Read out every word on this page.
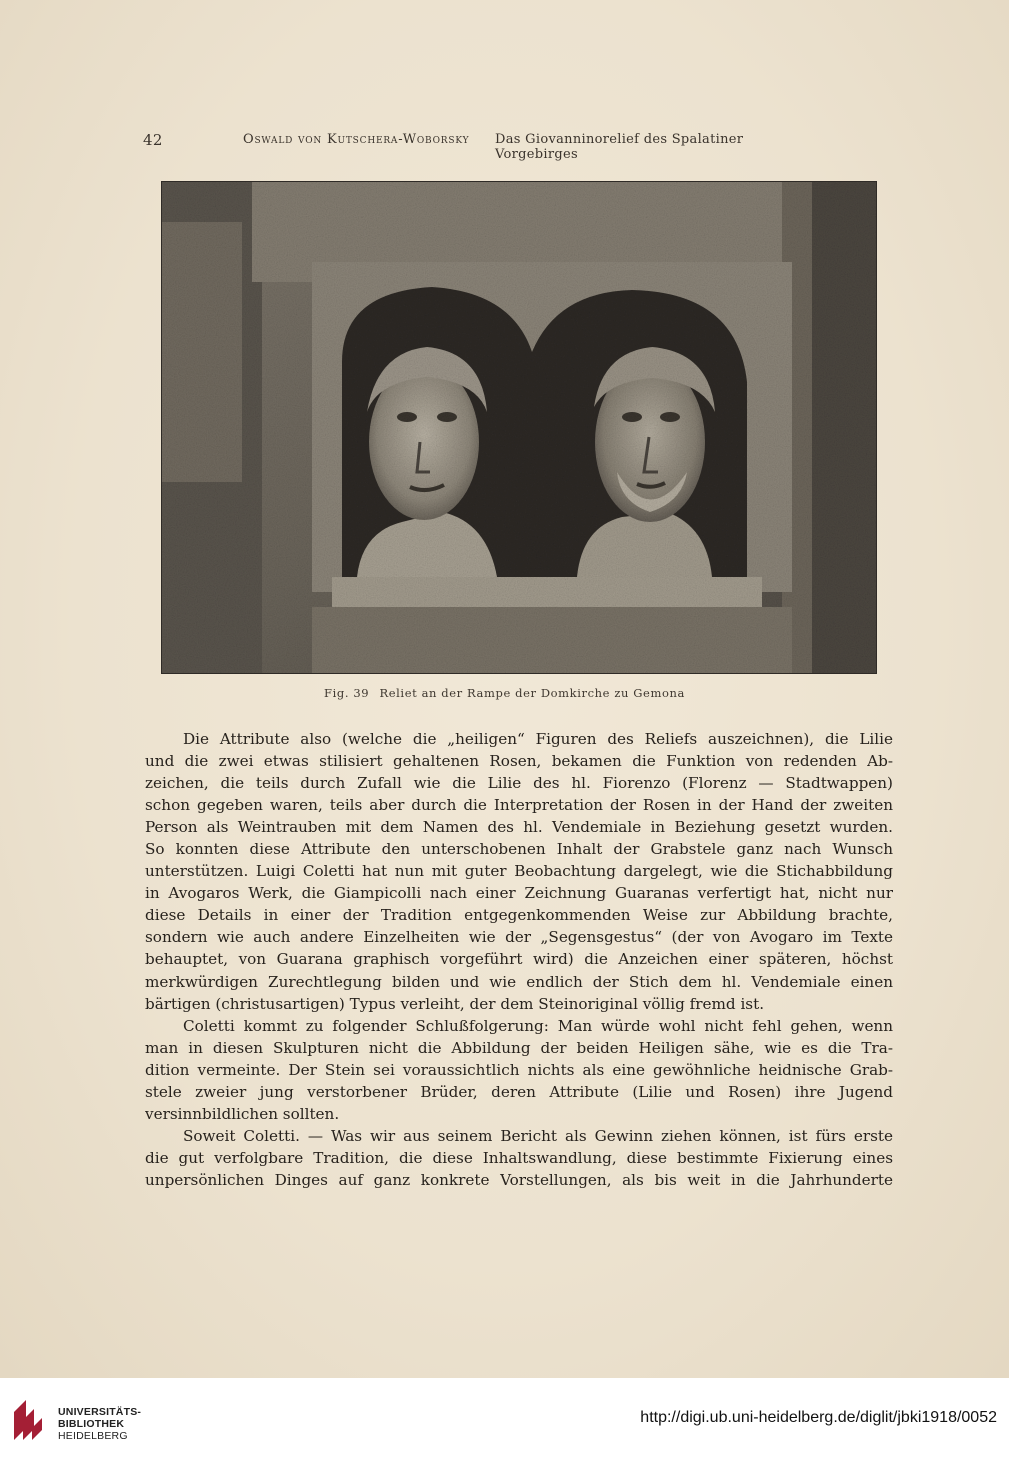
42	Oswald von Kutschera-Woborsky Das Giovanninorelief des Spalatiner Vorgebirges
Fig. 39 Reliet an der Rampe der Domkirche zu Gemona
Die Attribute also (welche die „heiligen“ Figuren des Reliefs auszeichnen), die Lilie
und die zwei etwas stilisiert gehaltenen Rosen, bekamen die Funktion von redenden Ab-
zeichen, die teils durch Zufall wie die Lilie des hl. Fiorenzo (Florenz — Stadtwappen)
schon gegeben waren, teils aber durch die Interpretation der Rosen in der Hand der zweiten
Person als Weintrauben mit dem Namen des hl. Vendemiale in Beziehung gesetzt wurden.
So konnten diese Attribute den unterschobenen Inhalt der Grabstele ganz nach Wunsch
unterstützen. Luigi Coletti hat nun mit guter Beobachtung dargelegt, wie die Stichabbildung
in Avogaros Werk, die Giampicolli nach einer Zeichnung Guaranas verfertigt hat, nicht nur
diese Details in einer der Tradition entgegenkommenden Weise zur Abbildung brachte,
sondern wie auch andere Einzelheiten wie der „Segensgestus“ (der von Avogaro im Texte
behauptet, von Guarana graphisch vorgeführt wird) die Anzeichen einer späteren, höchst
merkwürdigen Zurechtlegung bilden und wie endlich der Stich dem hl. Vendemiale einen
bärtigen (christusartigen) Typus verleiht, der dem Steinoriginal völlig fremd ist.
Coletti kommt zu folgender Schlußfolgerung: Man würde wohl nicht fehl gehen, wenn
man in diesen Skulpturen nicht die Abbildung der beiden Heiligen sähe, wie es die Tra-
dition vermeinte. Der Stein sei voraussichtlich nichts als eine gewöhnliche heidnische Grab-
stele zweier jung verstorbener Brüder, deren Attribute (Lilie und Rosen) ihre Jugend
versinnbildlichen sollten.
Soweit Coletti. — Was wir aus seinem Bericht als Gewinn ziehen können, ist fürs erste
die gut verfolgbare Tradition, die diese Inhaltswandlung, diese bestimmte Fixierung eines
unpersönlichen Dinges auf ganz konkrete Vorstellungen, als bis weit in die Jahrhunderte
UNIVERSITÄTS-
BIBLIOTHEK
HEIDELBERG
http://digi.ub.uni-heidelberg.de/diglit/jbki1918/0052
